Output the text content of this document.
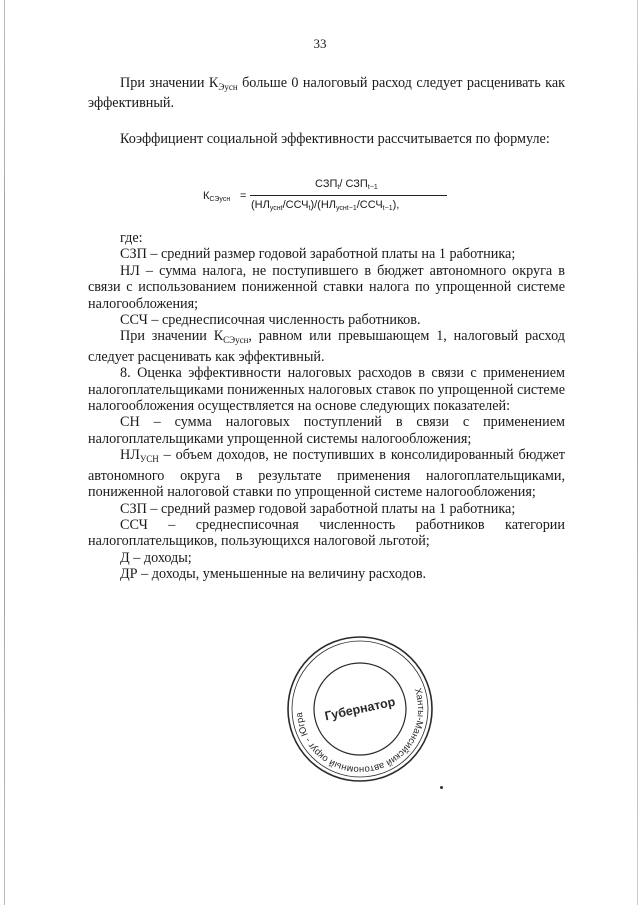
33

При значении $К_{Эусн}$ больше 0 налоговый расход следует расценивать как эффективный.

Коэффициент социальной эффективности рассчитывается по формуле:

$К_{СЭусн}$ =
$СЗП_t/$ $СЗП_{t-1}$
$(НЛ_{уснt}/ССЧ_t)/(НЛ_{уснt-1}/ССЧ_{t-1})$,

где:

СЗП – средний размер годовой заработной платы на 1 работника;

НЛ – сумма налога, не поступившего в бюджет автономного округа в связи с использованием пониженной ставки налога по упрощенной системе налогообложения;

ССЧ – среднесписочная численность работников.

При значении $К_{СЭусн}$, равном или превышающем 1, налоговый расход следует расценивать как эффективный.

8. Оценка эффективности налоговых расходов в связи с применением налогоплательщиками пониженных налоговых ставок по упрощенной системе налогообложения осуществляется на основе следующих показателей:

СН – сумма налоговых поступлений в связи с применением налогоплательщиками упрощенной системы налогообложения;

$НЛ_{УСН}$ – объем доходов, не поступивших в консолидированный бюджет автономного округа в результате применения налогоплательщиками, пониженной налоговой ставки по упрощенной системе налогообложения;

СЗП – средний размер годовой заработной платы на 1 работника;

ССЧ – среднесписочная численность работников категории налогоплательщиков, пользующихся налоговой льготой;

Д – доходы;

ДР – доходы, уменьшенные на величину расходов.

Ханты-Мансийский автономный округ - Югра	Губернатор
